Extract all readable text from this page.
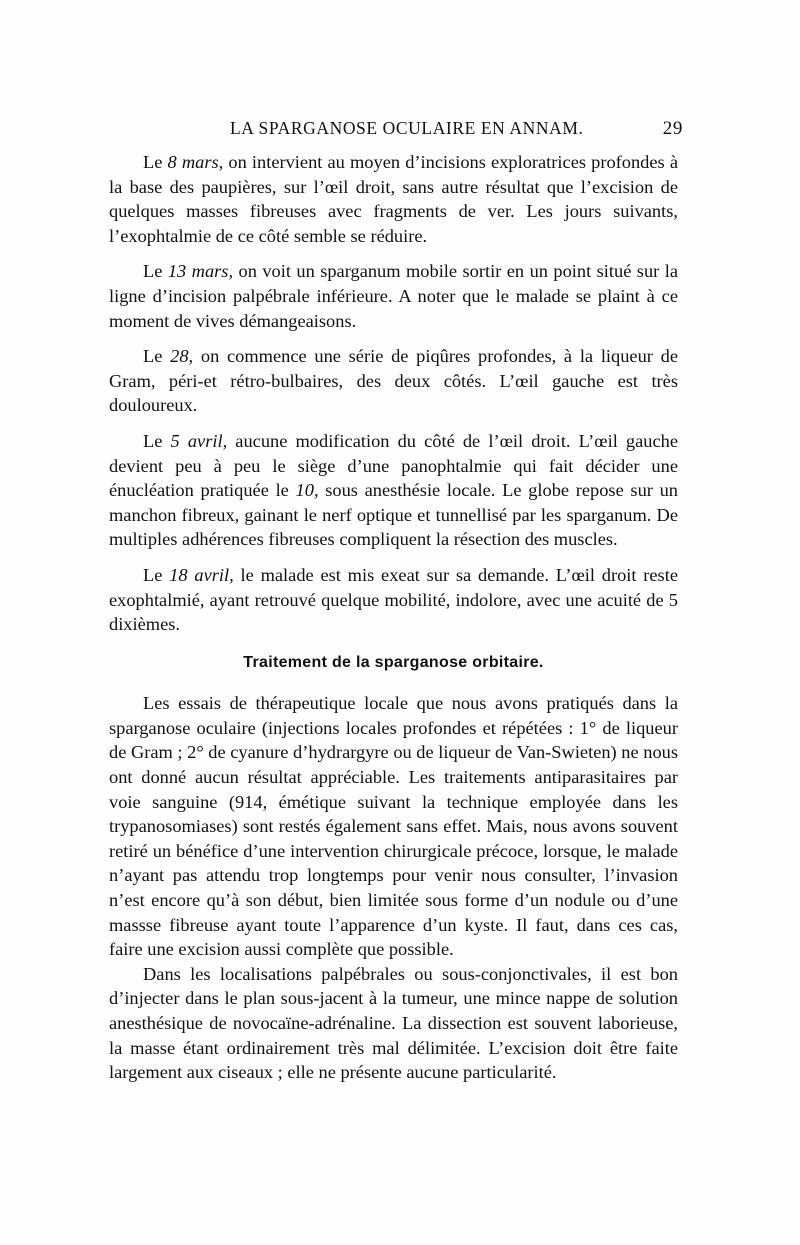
LA SPARGANOSE OCULAIRE EN ANNAM.	29

Le 8 mars, on intervient au moyen d’incisions exploratrices profondes à la base des paupières, sur l’œil droit, sans autre résultat que l’excision de quelques masses fibreuses avec fragments de ver. Les jours suivants, l’exophtalmie de ce côté semble se réduire.

Le 13 mars, on voit un sparganum mobile sortir en un point situé sur la ligne d’incision palpébrale inférieure. A noter que le malade se plaint à ce moment de vives démangeaisons.

Le 28, on commence une série de piqûres profondes, à la liqueur de Gram, péri-et rétro-bulbaires, des deux côtés. L’œil gauche est très douloureux.

Le 5 avril, aucune modification du côté de l’œil droit. L’œil gauche devient peu à peu le siège d’une panophtalmie qui fait décider une énucléation pratiquée le 10, sous anesthésie locale. Le globe repose sur un manchon fibreux, gainant le nerf optique et tunnellisé par les sparganum. De multiples adhérences fibreuses compliquent la résection des muscles.

Le 18 avril, le malade est mis exeat sur sa demande. L’œil droit reste exophtalmié, ayant retrouvé quelque mobilité, indolore, avec une acuité de 5 dixièmes.

Traitement de la sparganose orbitaire.

Les essais de thérapeutique locale que nous avons pratiqués dans la sparganose oculaire (injections locales profondes et répétées : 1° de liqueur de Gram ; 2° de cyanure d’hydrargyre ou de liqueur de Van-Swieten) ne nous ont donné aucun résultat appréciable. Les traitements antiparasitaires par voie sanguine (914, émétique suivant la technique employée dans les trypanosomiases) sont restés également sans effet. Mais, nous avons souvent retiré un bénéfice d’une intervention chirurgicale précoce, lorsque, le malade n’ayant pas attendu trop longtemps pour venir nous consulter, l’invasion n’est encore qu’à son début, bien limitée sous forme d’un nodule ou d’une massse fibreuse ayant toute l’apparence d’un kyste. Il faut, dans ces cas, faire une excision aussi complète que possible.

Dans les localisations palpébrales ou sous-conjonctivales, il est bon d’injecter dans le plan sous-jacent à la tumeur, une mince nappe de solution anesthésique de novocaïne-adrénaline. La dissection est souvent laborieuse, la masse étant ordinairement très mal délimitée. L’excision doit être faite largement aux ciseaux ; elle ne présente aucune particularité.
